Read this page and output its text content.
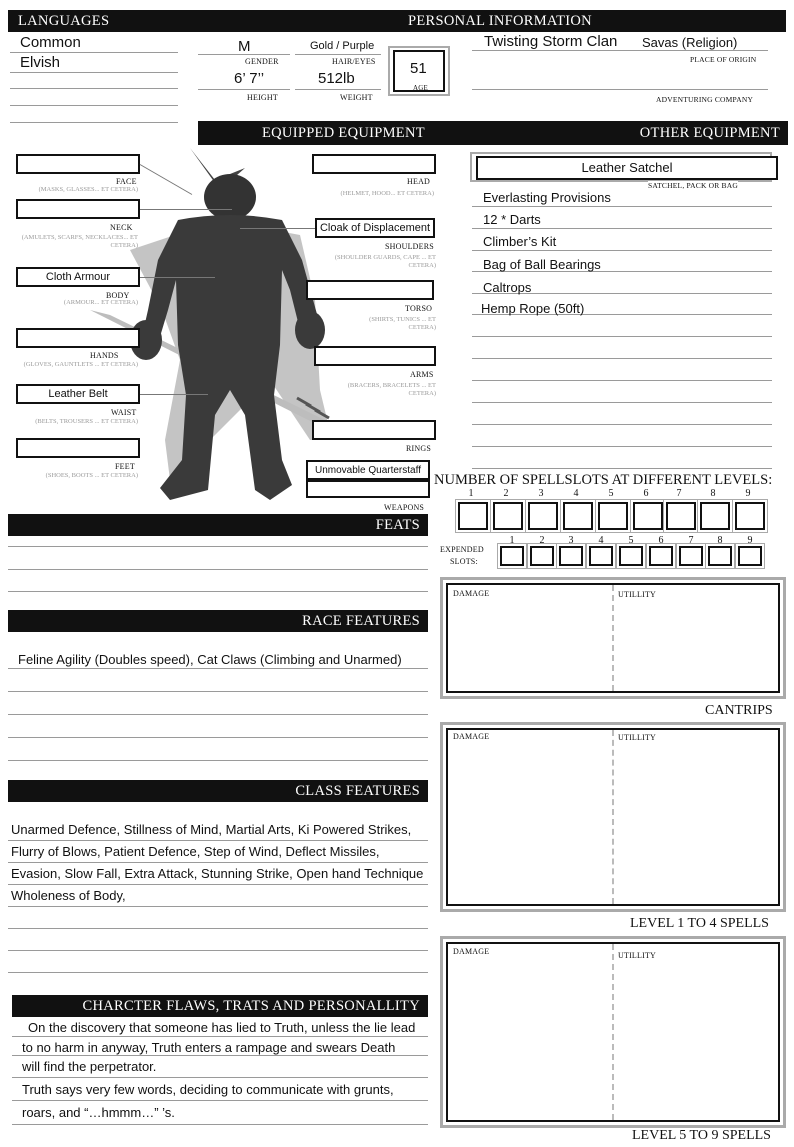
LANGUAGES	PERSONAL INFORMATION
Common
Elvish
M
GENDER
Gold / Purple
HAIR/EYES
6’ 7’’
HEIGHT
512lb
WEIGHT
51
AGE
Twisting Storm Clan Savas (Religion)
PLACE OF ORIGIN
ADVENTURING COMPANY
EQUIPPED EQUIPMENT	OTHER EQUIPMENT
FACE
(MASKS, GLASSES... ET CETERA)
NECK
(AMULETS, SCARFS, NECKLACES... ET CETERA)
Cloth Armour
BODY
(ARMOUR... ET CETERA)
HANDS
(GLOVES, GAUNTLETS ... ET CETERA)
Leather Belt
WAIST
(BELTS, TROUSERS ... ET CETERA)
FEET
(SHOES, BOOTS ... ET CETERA)
HEAD
(HELMET, HOOD... ET CETERA)
Cloak of Displacement
SHOULDERS
(SHOULDER GUARDS, CAPE ... ET CETERA)
TORSO
(SHIRTS, TUNICS ... ET CETERA)
ARMS
(BRACERS, BRACELETS ... ET CETERA)
RINGS
Unmovable Quarterstaff
WEAPONS
Leather Satchel
SATCHEL, PACK OR BAG
Everlasting Provisions
12 * Darts
Climber’s Kit
Bag of Ball Bearings
Caltrops
Hemp Rope (50ft)
FEATS
RACE FEATURES
Feline Agility (Doubles speed), Cat Claws (Climbing and Unarmed)
CLASS FEATURES
Unarmed Defence, Stillness of Mind, Martial Arts, Ki Powered Strikes,
Flurry of Blows, Patient Defence, Step of Wind, Deflect Missiles,
Evasion, Slow Fall, Extra Attack, Stunning Strike, Open hand Technique
Wholeness of Body,
CHARCTER FLAWS, TRATS AND PERSONALLITY
On the discovery that someone has lied to Truth, unless the lie lead
to no harm in anyway, Truth enters a rampage and swears Death
will find the perpetrator.
Truth says very few words, deciding to communicate with grunts,
roars, and “…hmmm…” ’s.
NUMBER OF SPELLSLOTS AT DIFFERENT LEVELS:
1	2	3	4	5	6	7	8	9
EXPENDED
SLOTS:
1	2	3	4	5	6	7	8	9
DAMAGE	UTILLITY
CANTRIPS
DAMAGE	UTILLITY
LEVEL 1 TO 4 SPELLS
DAMAGE	UTILLITY
LEVEL 5 TO 9 SPELLS
